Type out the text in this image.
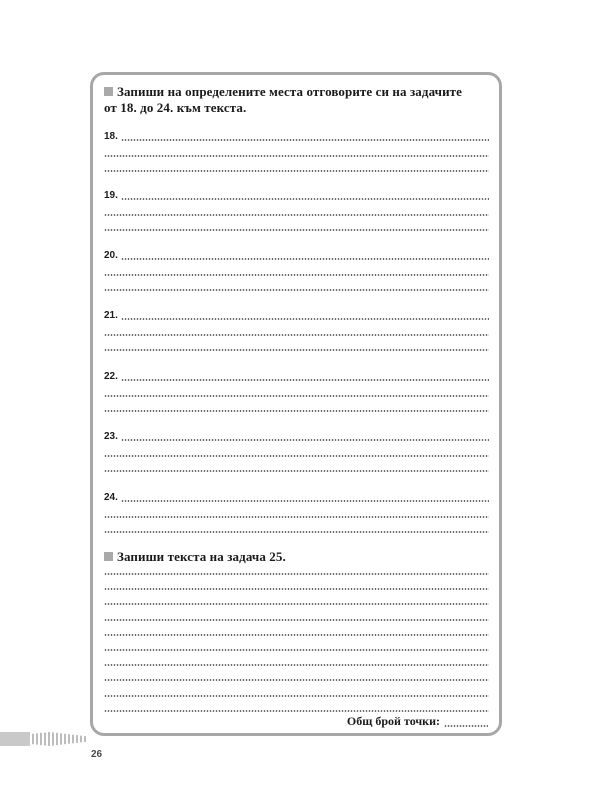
Запиши на определените места отговорите си на задачите
от 18. до 24. към текста.
18.
19.
20.
21.
22.
23.
24.
Запиши текста на задача 25.
Общ брой точки:
26
